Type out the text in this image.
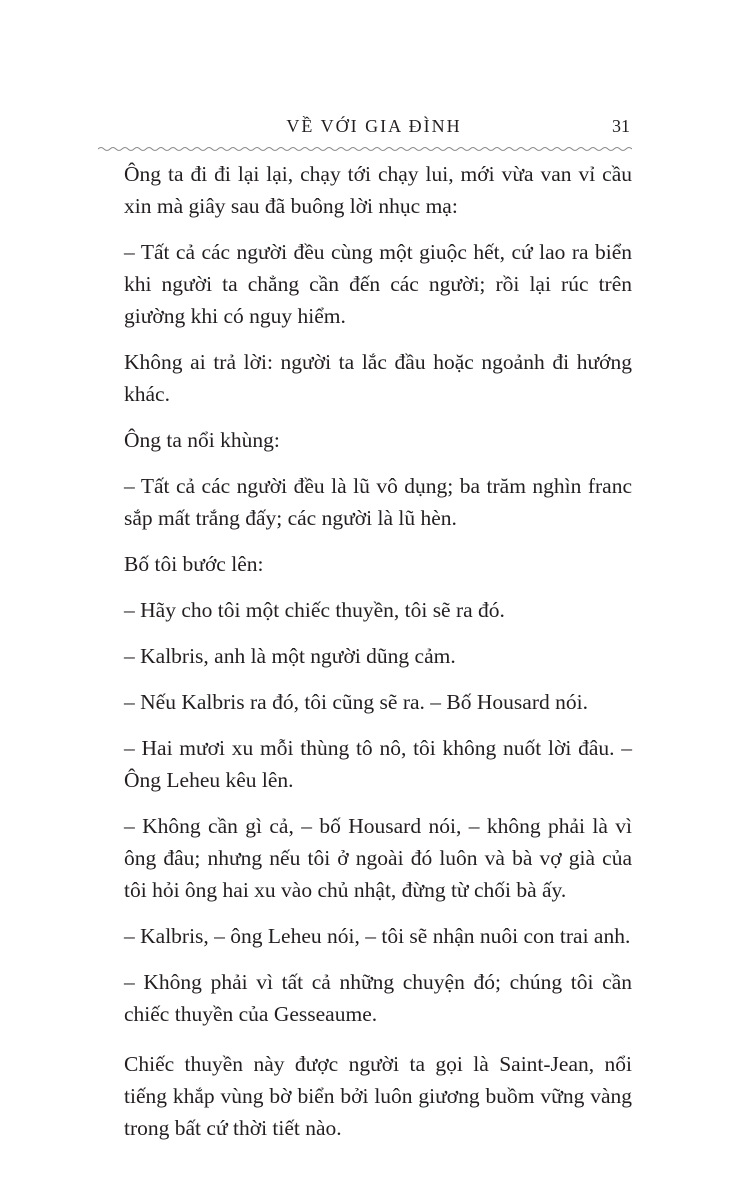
VỀ VỚI GIA ĐÌNH	31

Ông ta đi đi lại lại, chạy tới chạy lui, mới vừa van vỉ cầu xin mà giây sau đã buông lời nhục mạ:

– Tất cả các người đều cùng một giuộc hết, cứ lao ra biển khi người ta chẳng cần đến các người; rồi lại rúc trên giường khi có nguy hiểm.

Không ai trả lời: người ta lắc đầu hoặc ngoảnh đi hướng khác.

Ông ta nổi khùng:

– Tất cả các người đều là lũ vô dụng; ba trăm nghìn franc sắp mất trắng đấy; các người là lũ hèn.

Bố tôi bước lên:

– Hãy cho tôi một chiếc thuyền, tôi sẽ ra đó.

– Kalbris, anh là một người dũng cảm.

– Nếu Kalbris ra đó, tôi cũng sẽ ra. – Bố Housard nói.

– Hai mươi xu mỗi thùng tô nô, tôi không nuốt lời đâu. – Ông Leheu kêu lên.

– Không cần gì cả, – bố Housard nói, – không phải là vì ông đâu; nhưng nếu tôi ở ngoài đó luôn và bà vợ già của tôi hỏi ông hai xu vào chủ nhật, đừng từ chối bà ấy.

– Kalbris, – ông Leheu nói, – tôi sẽ nhận nuôi con trai anh.

– Không phải vì tất cả những chuyện đó; chúng tôi cần chiếc thuyền của Gesseaume.

Chiếc thuyền này được người ta gọi là Saint-Jean, nổi tiếng khắp vùng bờ biển bởi luôn giương buồm vững vàng trong bất cứ thời tiết nào.
